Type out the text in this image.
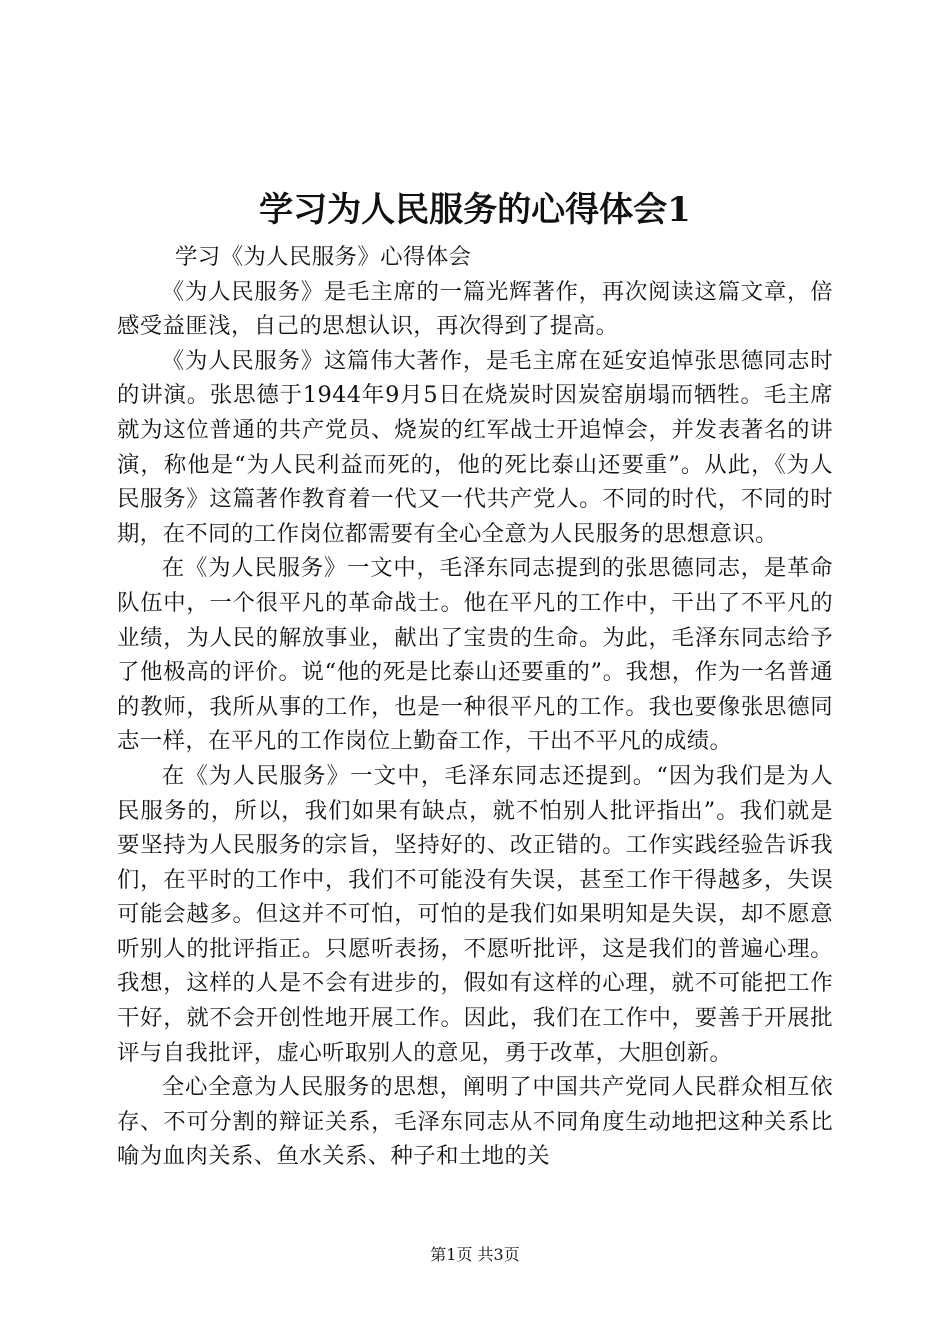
学习为人民服务的心得体会1

学习《为人民服务》心得体会

《为人民服务》是毛主席的一篇光辉著作，再次阅读这篇文章，倍感受益匪浅，自己的思想认识，再次得到了提高。

《为人民服务》这篇伟大著作，是毛主席在延安追悼张思德同志时的讲演。张思德于1944年9月5日在烧炭时因炭窑崩塌而牺牲。毛主席就为这位普通的共产党员、烧炭的红军战士开追悼会，并发表著名的讲演，称他是“为人民利益而死的，他的死比泰山还要重”。从此，《为人民服务》这篇著作教育着一代又一代共产党人。不同的时代，不同的时期，在不同的工作岗位都需要有全心全意为人民服务的思想意识。

在《为人民服务》一文中，毛泽东同志提到的张思德同志，是革命队伍中，一个很平凡的革命战士。他在平凡的工作中，干出了不平凡的业绩，为人民的解放事业，献出了宝贵的生命。为此，毛泽东同志给予了他极高的评价。说“他的死是比泰山还要重的”。我想，作为一名普通的教师，我所从事的工作，也是一种很平凡的工作。我也要像张思德同志一样，在平凡的工作岗位上勤奋工作，干出不平凡的成绩。

在《为人民服务》一文中，毛泽东同志还提到。“因为我们是为人民服务的，所以，我们如果有缺点，就不怕别人批评指出”。我们就是要坚持为人民服务的宗旨，坚持好的、改正错的。工作实践经验告诉我们，在平时的工作中，我们不可能没有失误，甚至工作干得越多，失误可能会越多。但这并不可怕，可怕的是我们如果明知是失误，却不愿意听别人的批评指正。只愿听表扬，不愿听批评，这是我们的普遍心理。我想，这样的人是不会有进步的，假如有这样的心理，就不可能把工作干好，就不会开创性地开展工作。因此，我们在工作中，要善于开展批评与自我批评，虚心听取别人的意见，勇于改革，大胆创新。

全心全意为人民服务的思想，阐明了中国共产党同人民群众相互依存、不可分割的辩证关系，毛泽东同志从不同角度生动地把这种关系比喻为血肉关系、鱼水关系、种子和土地的关

第1页 共3页
